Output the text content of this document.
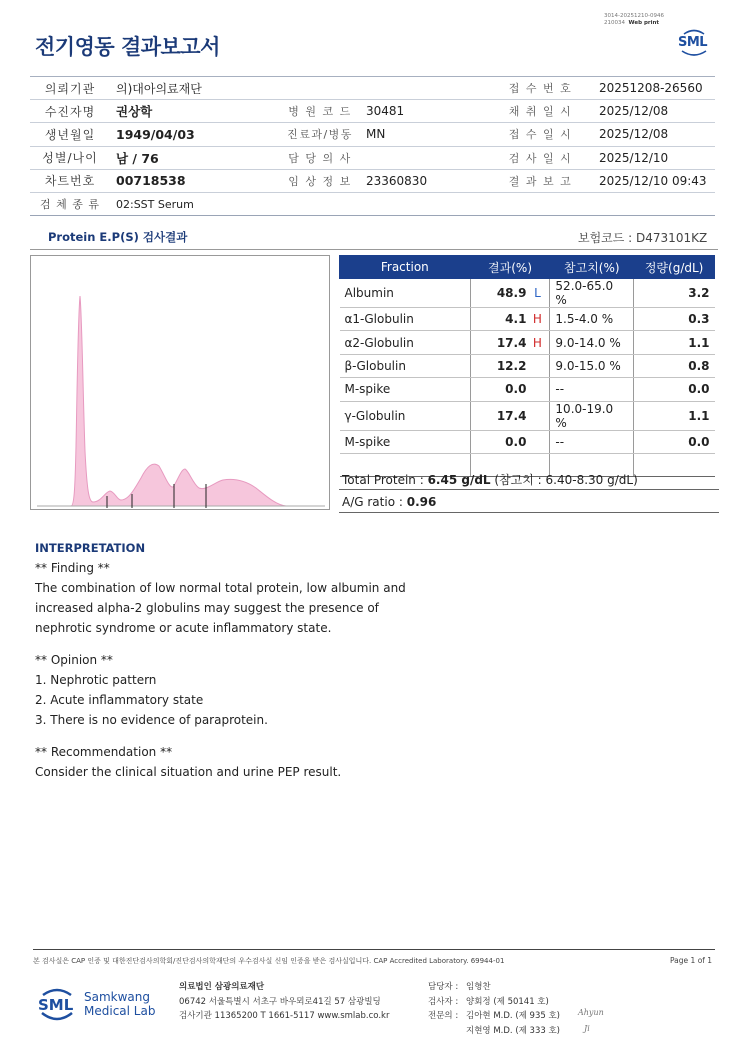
3014-20251210-0946
210034 Web print
전기영동 결과보고서	SML
의뢰기관	의)대아의료재단			접 수 번 호	20251208-26560
수진자명	권상학	병 원 코 드	30481	채 취 일 시	2025/12/08
생년월일	1949/04/03	진료과/병동	MN	접 수 일 시	2025/12/08
성별/나이	남 / 76	담 당 의 사		검 사 일 시	2025/12/10
차트번호	00718538	임 상 정 보	23360830	결 과 보 고	2025/12/10 09:43
검 체 종 류	02:SST Serum				
Protein E.P(S) 검사결과	보험코드 : D473101KZ
Fraction	결과(%)	참고치(%)	정량(g/dL)
Albumin	48.9 L	52.0-65.0 %	3.2
α1-Globulin	4.1 H	1.5-4.0 %	0.3
α2-Globulin	17.4 H	9.0-14.0 %	1.1
β-Globulin	12.2	9.0-15.0 %	0.8
M-spike	0.0	--	0.0
γ-Globulin	17.4	10.0-19.0 %	1.1
M-spike	0.0	--	0.0

Total Protein : 6.45 g/dL (참고치 : 6.40-8.30 g/dL)
A/G ratio : 0.96
INTERPRETATION
** Finding **
The combination of low normal total protein, low albumin and
increased alpha-2 globulins may suggest the presence of
nephrotic syndrome or acute inflammatory state.
** Opinion **
1. Nephrotic pattern
2. Acute inflammatory state
3. There is no evidence of paraprotein.
** Recommendation **
Consider the clinical situation and urine PEP result.
본 검사실은 CAP 인증 및 대한진단검사의학회/진단검사의학재단의 우수검사실 신임 인증을 받은 검사실입니다. CAP Accredited Laboratory. 69944-01	Page 1 of 1
SML Samkwang
Medical Lab
의료법인 삼광의료재단
06742 서울특별시 서초구 바우뫼로41길 57 삼광빌딩
검사기관 11365200 T 1661-5117 www.smlab.co.kr
담당자 : 임형찬
검사자 : 양회정 (제 50141 호)
전문의 : 김아현 M.D. (제 935 호)
지현영 M.D. (제 333 호)
Ahyun
Ji
